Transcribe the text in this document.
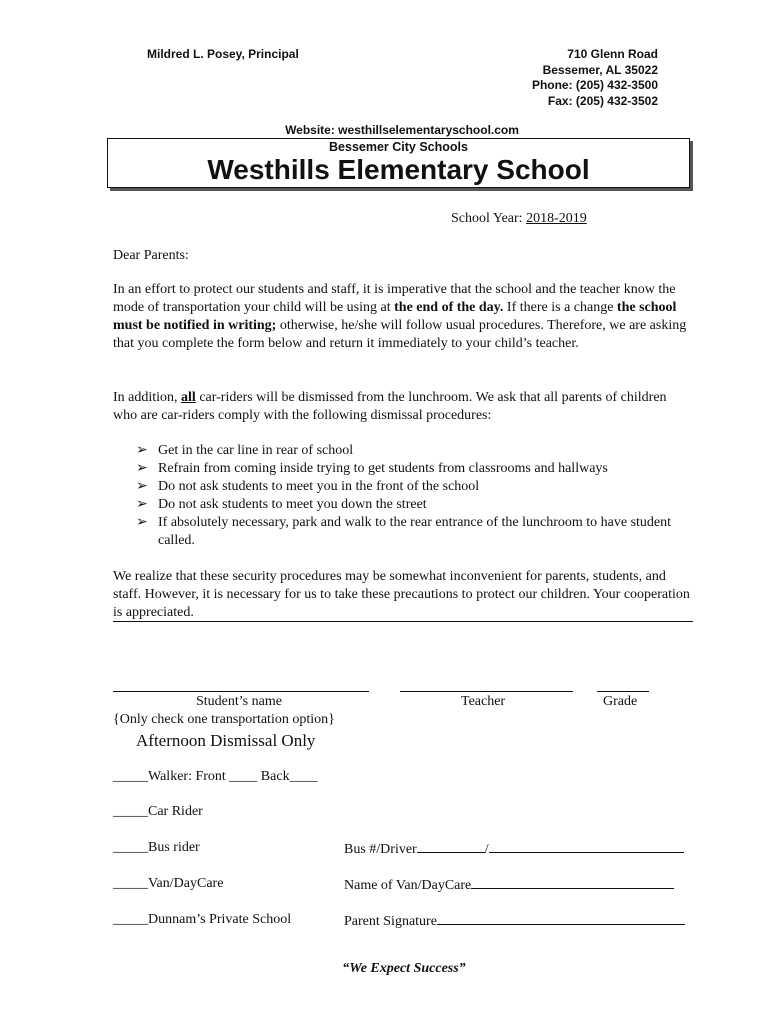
Mildred L. Posey, Principal	710 Glenn Road
Bessemer, AL 35022
Phone: (205) 432-3500
Fax: (205) 432-3502
Website: westhillselementaryschool.com
Bessemer City Schools
Westhills Elementary School
School Year: 2018-2019
Dear Parents:
In an effort to protect our students and staff, it is imperative that the school and the teacher know the mode of transportation your child will be using at the end of the day. If there is a change the school must be notified in writing; otherwise, he/she will follow usual procedures. Therefore, we are asking that you complete the form below and return it immediately to your child’s teacher.
In addition, all car-riders will be dismissed from the lunchroom. We ask that all parents of children who are car-riders comply with the following dismissal procedures:
➢ Get in the car line in rear of school
➢ Refrain from coming inside trying to get students from classrooms and hallways
➢ Do not ask students to meet you in the front of the school
➢ Do not ask students to meet you down the street
➢ If absolutely necessary, park and walk to the rear entrance of the lunchroom to have student called.
We realize that these security procedures may be somewhat inconvenient for parents, students, and staff. However, it is necessary for us to take these precautions to protect our children. Your cooperation is appreciated.
Student’s name	Teacher	Grade
{Only check one transportation option}
Afternoon Dismissal Only
_____Walker: Front ____ Back____
_____Car Rider
_____Bus rider
_____Van/DayCare
_____Dunnam’s Private School
Bus #/Driver	/
Name of Van/DayCare
Parent Signature
“We Expect Success”
